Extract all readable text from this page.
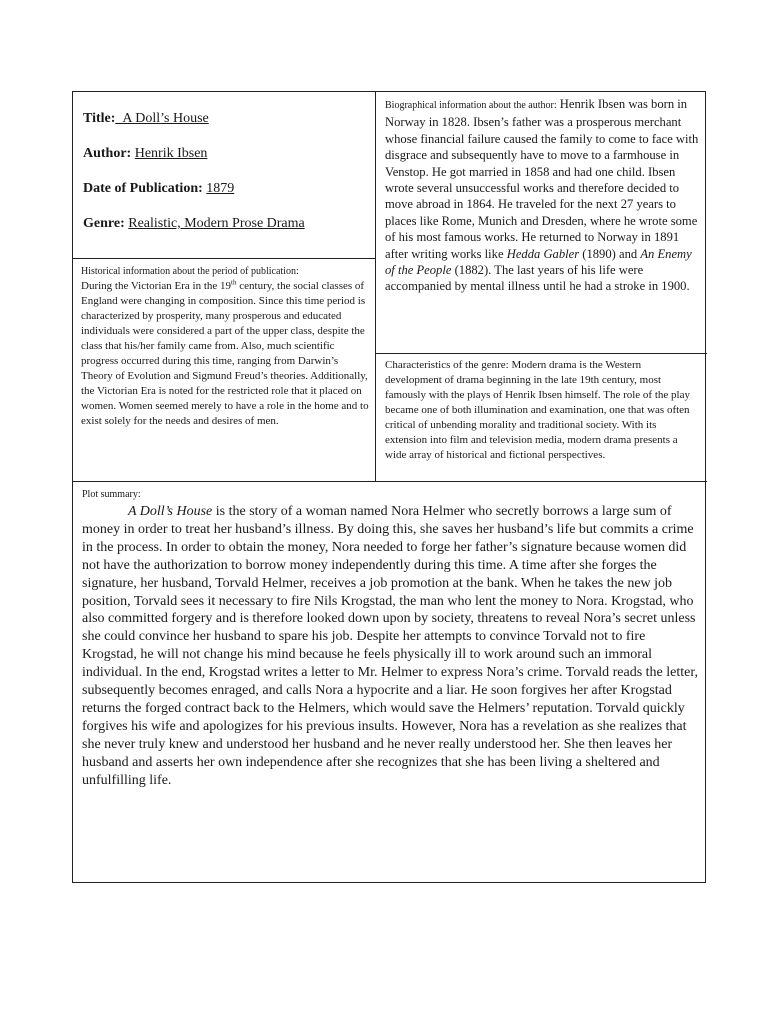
Title:_A Doll’s House
Author: Henrik Ibsen
Date of Publication: 1879
Genre: Realistic, Modern Prose Drama
Historical information about the period of publication:
During the Victorian Era in the 19th century, the social classes of England were changing in composition. Since this time period is characterized by prosperity, many prosperous and educated individuals were considered a part of the upper class, despite the class that his/her family came from. Also, much scientific progress occurred during this time, ranging from Darwin’s Theory of Evolution and Sigmund Freud’s theories. Additionally, the Victorian Era is noted for the restricted role that it placed on women. Women seemed merely to have a role in the home and to exist solely for the needs and desires of men.
Biographical information about the author: Henrik Ibsen was born in Norway in 1828. Ibsen’s father was a prosperous merchant whose financial failure caused the family to come to face with disgrace and subsequently have to move to a farmhouse in Venstop. He got married in 1858 and had one child. Ibsen wrote several unsuccessful works and therefore decided to move abroad in 1864. He traveled for the next 27 years to places like Rome, Munich and Dresden, where he wrote some of his most famous works. He returned to Norway in 1891 after writing works like Hedda Gabler (1890) and An Enemy of the People (1882). The last years of his life were accompanied by mental illness until he had a stroke in 1900.
Characteristics of the genre: Modern drama is the Western development of drama beginning in the late 19th century, most famously with the plays of Henrik Ibsen himself. The role of the play became one of both illumination and examination, one that was often critical of unbending morality and traditional society. With its extension into film and television media, modern drama presents a wide array of historical and fictional perspectives.
Plot summary:
A Doll’s House is the story of a woman named Nora Helmer who secretly borrows a large sum of money in order to treat her husband’s illness. By doing this, she saves her husband’s life but commits a crime in the process. In order to obtain the money, Nora needed to forge her father’s signature because women did not have the authorization to borrow money independently during this time. A time after she forges the signature, her husband, Torvald Helmer, receives a job promotion at the bank. When he takes the new job position, Torvald sees it necessary to fire Nils Krogstad, the man who lent the money to Nora. Krogstad, who also committed forgery and is therefore looked down upon by society, threatens to reveal Nora’s secret unless she could convince her husband to spare his job. Despite her attempts to convince Torvald not to fire Krogstad, he will not change his mind because he feels physically ill to work around such an immoral individual. In the end, Krogstad writes a letter to Mr. Helmer to express Nora’s crime. Torvald reads the letter, subsequently becomes enraged, and calls Nora a hypocrite and a liar. He soon forgives her after Krogstad returns the forged contract back to the Helmers, which would save the Helmers’ reputation. Torvald quickly forgives his wife and apologizes for his previous insults. However, Nora has a revelation as she realizes that she never truly knew and understood her husband and he never really understood her. She then leaves her husband and asserts her own independence after she recognizes that she has been living a sheltered and unfulfilling life.
